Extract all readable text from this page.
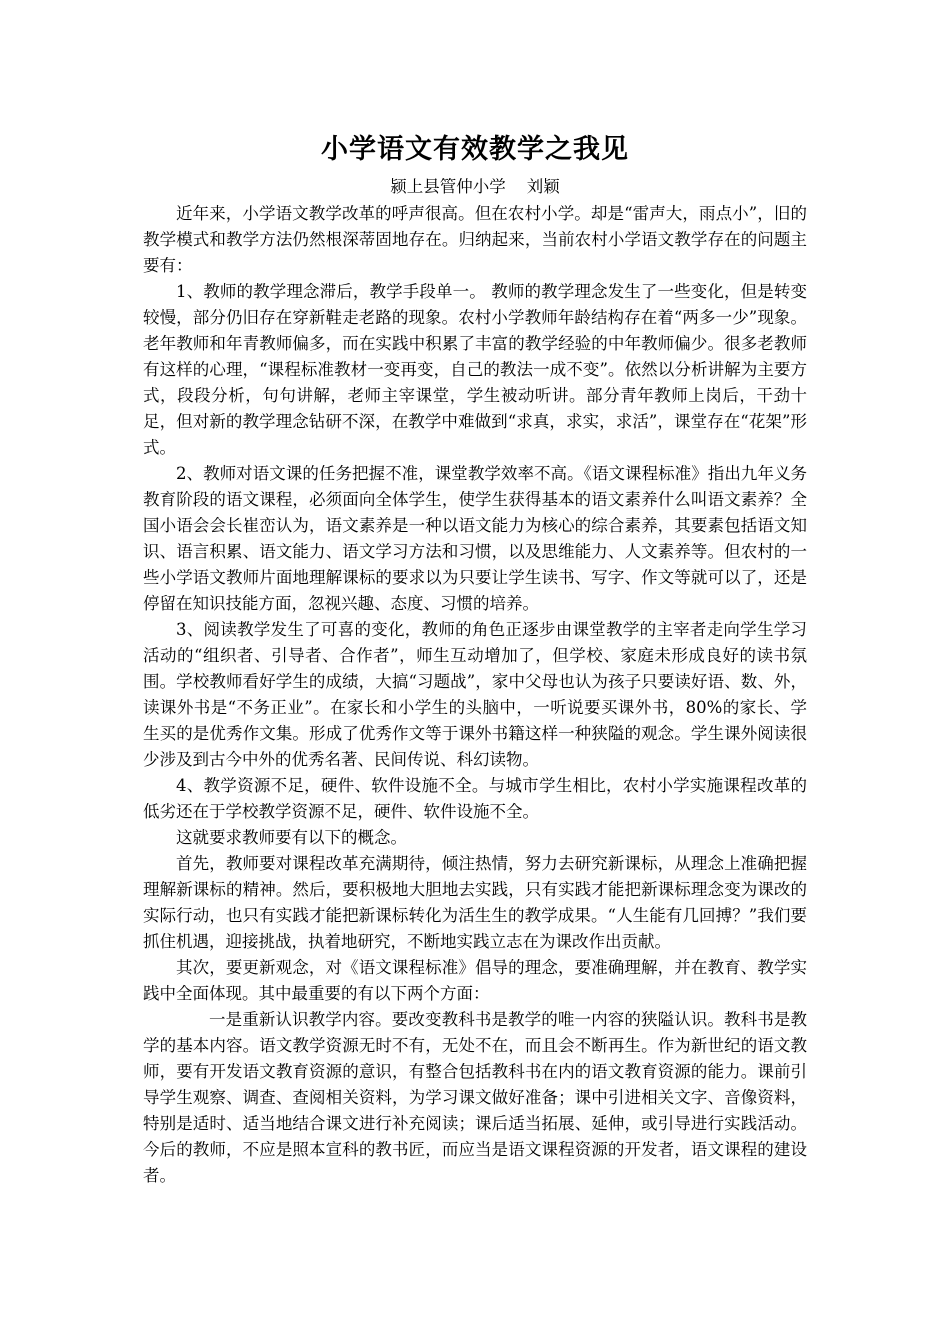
小学语文有效教学之我见
颍上县管仲小学    刘颖

近年来，小学语文教学改革的呼声很高。但在农村小学。却是“雷声大，雨点小”，旧的教学模式和教学方法仍然根深蒂固地存在。归纳起来，当前农村小学语文教学存在的问题主要有：

1、教师的教学理念滞后，教学手段单一。 教师的教学理念发生了一些变化，但是转变较慢，部分仍旧存在穿新鞋走老路的现象。农村小学教师年龄结构存在着“两多一少”现象。老年教师和年青教师偏多，而在实践中积累了丰富的教学经验的中年教师偏少。很多老教师有这样的心理，“课程标准教材一变再变，自己的教法一成不变”。依然以分析讲解为主要方式，段段分析，句句讲解，老师主宰课堂，学生被动听讲。部分青年教师上岗后，干劲十足，但对新的教学理念钻研不深，在教学中难做到“求真，求实，求活”，课堂存在“花架”形式。

2、教师对语文课的任务把握不准，课堂教学效率不高。《语文课程标准》指出九年义务教育阶段的语文课程，必须面向全体学生，使学生获得基本的语文素养什么叫语文素养？全国小语会会长崔峦认为，语文素养是一种以语文能力为核心的综合素养，其要素包括语文知识、语言积累、语文能力、语文学习方法和习惯，以及思维能力、人文素养等。但农村的一些小学语文教师片面地理解课标的要求以为只要让学生读书、写字、作文等就可以了，还是停留在知识技能方面，忽视兴趣、态度、习惯的培养。

3、阅读教学发生了可喜的变化，教师的角色正逐步由课堂教学的主宰者走向学生学习活动的“组织者、引导者、合作者”，师生互动增加了，但学校、家庭未形成良好的读书氛围。学校教师看好学生的成绩，大搞“习题战”，家中父母也认为孩子只要读好语、数、外，读课外书是“不务正业”。在家长和小学生的头脑中，一听说要买课外书，80%的家长、学生买的是优秀作文集。形成了优秀作文等于课外书籍这样一种狭隘的观念。学生课外阅读很少涉及到古今中外的优秀名著、民间传说、科幻读物。

4、教学资源不足，硬件、软件设施不全。与城市学生相比，农村小学实施课程改革的低劣还在于学校教学资源不足，硬件、软件设施不全。

这就要求教师要有以下的概念。

首先，教师要对课程改革充满期待，倾注热情，努力去研究新课标，从理念上准确把握理解新课标的精神。然后，要积极地大胆地去实践，只有实践才能把新课标理念变为课改的实际行动，也只有实践才能把新课标转化为活生生的教学成果。“人生能有几回搏？”我们要抓住机遇，迎接挑战，执着地研究，不断地实践立志在为课改作出贡献。

其次，要更新观念，对《语文课程标准》倡导的理念，要准确理解，并在教育、教学实践中全面体现。其中最重要的有以下两个方面：

一是重新认识教学内容。要改变教科书是教学的唯一内容的狭隘认识。教科书是教学的基本内容。语文教学资源无时不有，无处不在，而且会不断再生。作为新世纪的语文教师，要有开发语文教育资源的意识，有整合包括教科书在内的语文教育资源的能力。课前引导学生观察、调查、查阅相关资料，为学习课文做好准备；课中引进相关文字、音像资料，特别是适时、适当地结合课文进行补充阅读；课后适当拓展、延伸，或引导进行实践活动。今后的教师，不应是照本宣科的教书匠，而应当是语文课程资源的开发者，语文课程的建设者。
